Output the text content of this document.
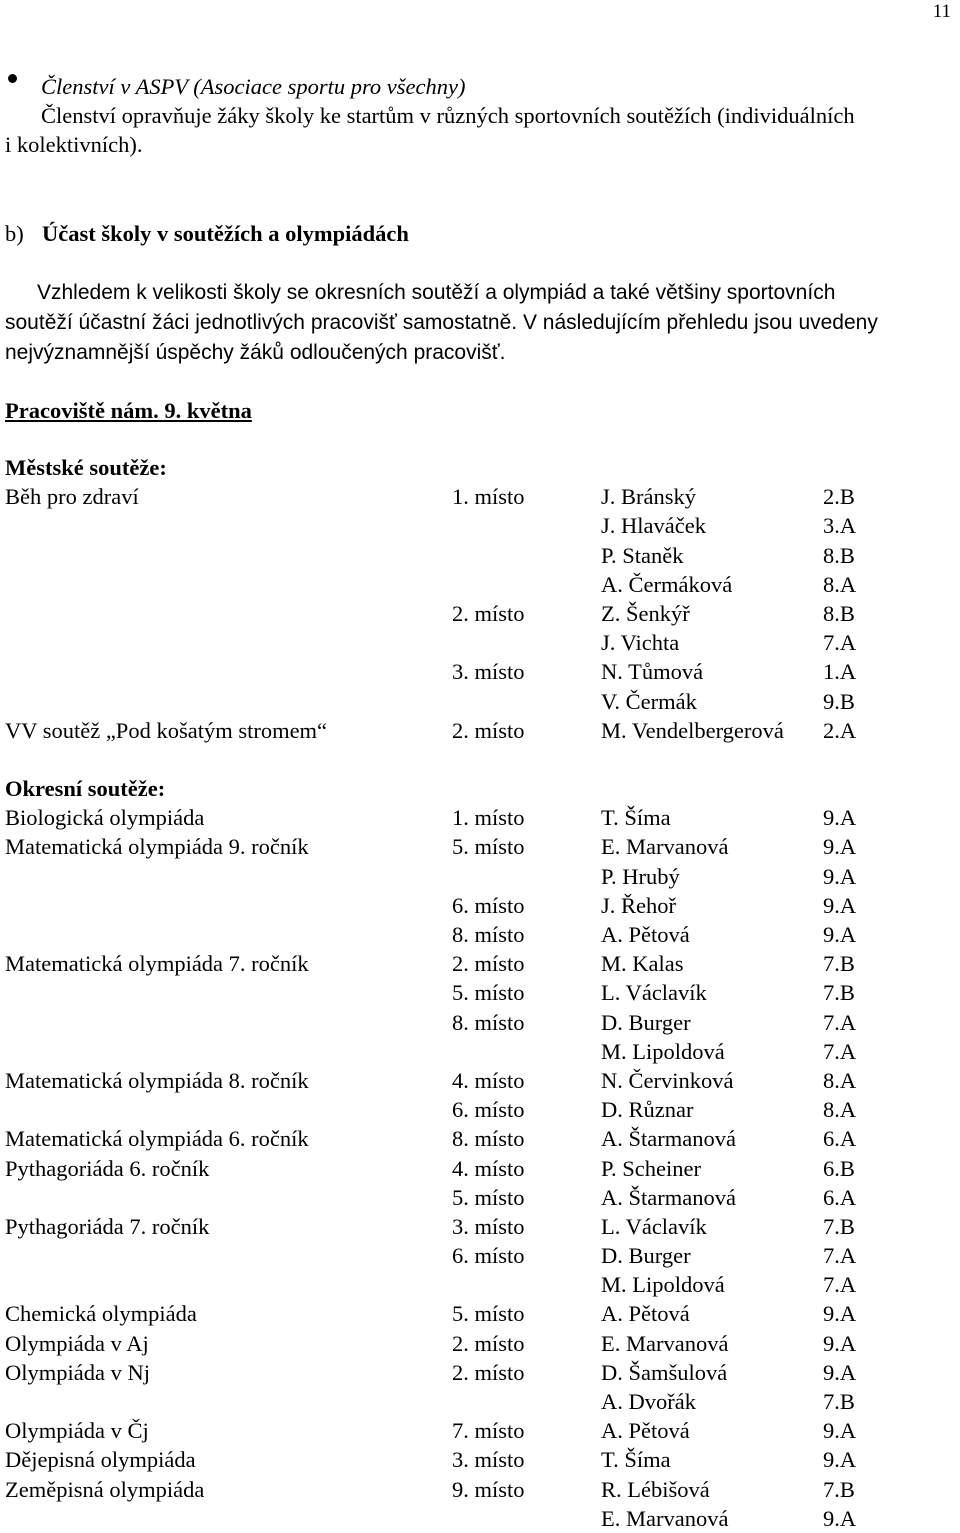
11
Členství v ASPV (Asociace sportu pro všechny)
Členství opravňuje žáky školy ke startům v různých sportovních soutěžích (individuálních
i kolektivních).
b) Účast školy v soutěžích a olympiádách
Vzhledem k velikosti školy se okresních soutěží a olympiád a také většiny sportovních
soutěží účastní žáci jednotlivých pracovišť samostatně. V následujícím přehledu jsou uvedeny
nejvýznamnější úspěchy žáků odloučených pracovišť.
Pracoviště nám. 9. května
Městské soutěže:
Běh pro zdraví	1. místo	J. Bránský	2.B
J. Hlaváček	3.A
P. Staněk	8.B
A. Čermáková	8.A
2. místo	Z. Šenkýř	8.B
J. Vichta	7.A
3. místo	N. Tůmová	1.A
V. Čermák	9.B
VV soutěž „Pod košatým stromem“	2. místo	M. Vendelbergerová 2.A
Okresní soutěže:
Biologická olympiáda	1. místo	T. Šíma	9.A
Matematická olympiáda 9. ročník	5. místo	E. Marvanová	9.A
P. Hrubý	9.A
6. místo	J. Řehoř	9.A
8. místo	A. Pětová	9.A
Matematická olympiáda 7. ročník	2. místo	M. Kalas	7.B
5. místo	L. Václavík	7.B
8. místo	D. Burger	7.A
M. Lipoldová	7.A
Matematická olympiáda 8. ročník	4. místo	N. Červinková	8.A
6. místo	D. Různar	8.A
Matematická olympiáda 6. ročník	8. místo	A. Štarmanová	6.A
Pythagoriáda 6. ročník	4. místo	P. Scheiner	6.B
5. místo	A. Štarmanová	6.A
Pythagoriáda 7. ročník	3. místo	L. Václavík	7.B
6. místo	D. Burger	7.A
M. Lipoldová	7.A
Chemická olympiáda	5. místo	A. Pětová	9.A
Olympiáda v Aj	2. místo	E. Marvanová	9.A
Olympiáda v Nj	2. místo	D. Šamšulová	9.A
A. Dvořák	7.B
Olympiáda v Čj	7. místo	A. Pětová	9.A
Dějepisná olympiáda	3. místo	T. Šíma	9.A
Zeměpisná olympiáda	9. místo	R. Lébišová	7.B
E. Marvanová	9.A
